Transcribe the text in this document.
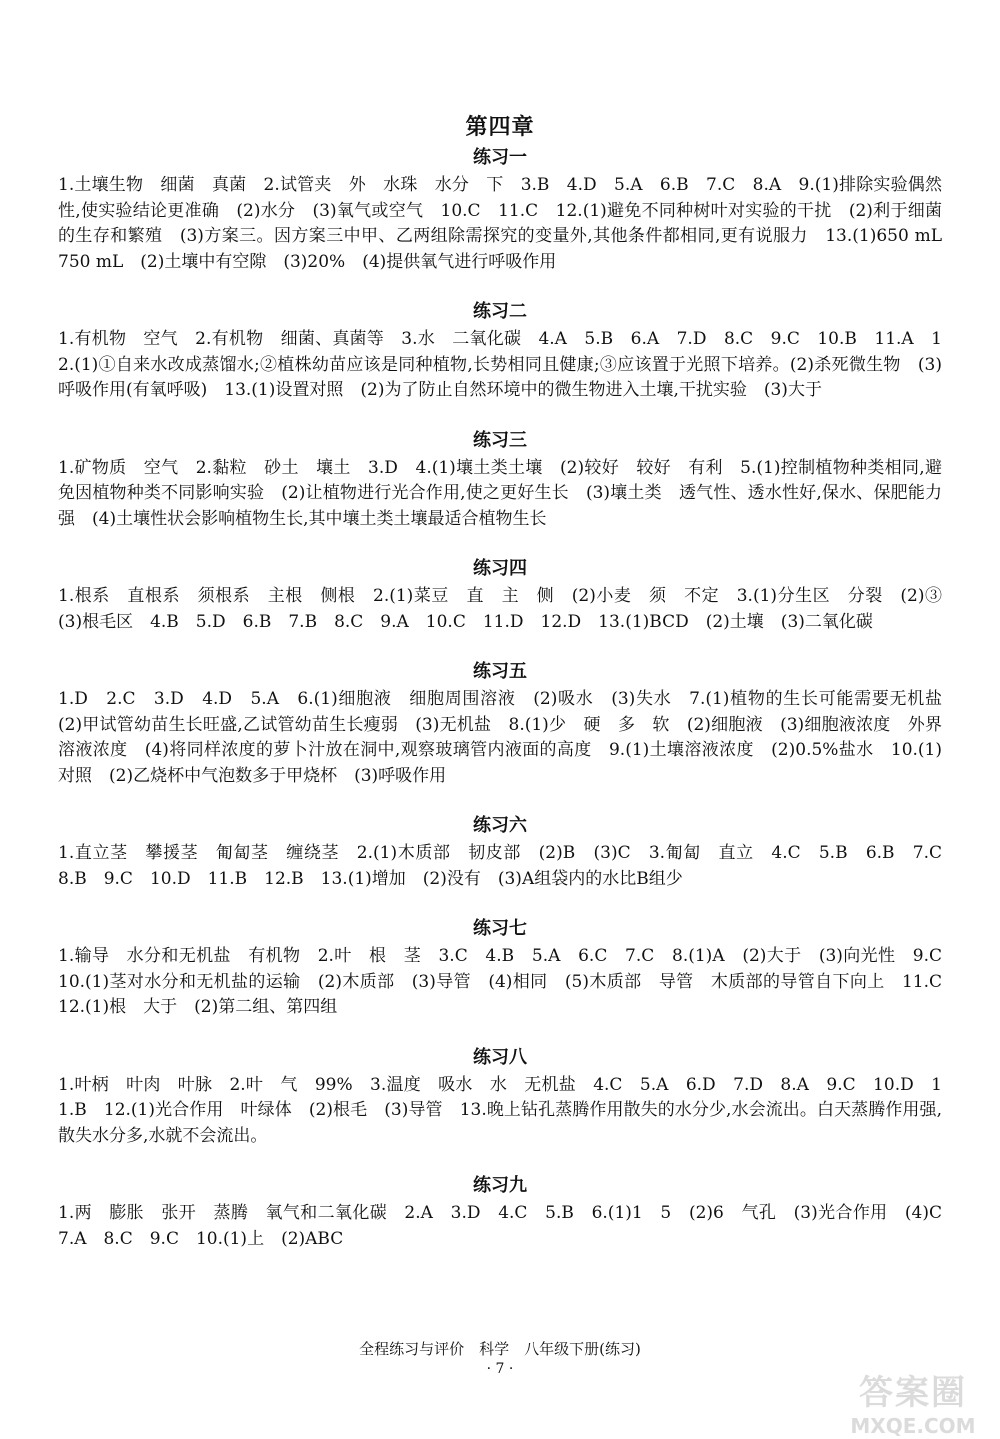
第四章
练习一

1.土壤生物　细菌　真菌　2.试管夹　外　水珠　水分　下　3.B　4.D　5.A　6.B　7.C　8.A　9.(1)排除实验偶然性,使实验结论更准确　(2)水分　(3)氧气或空气　10.C　11.C　12.(1)避免不同种树叶对实验的干扰　(2)利于细菌的生存和繁殖　(3)方案三。因方案三中甲、乙两组除需探究的变量外,其他条件都相同,更有说服力　13.(1)650 mL　750 mL　(2)土壤中有空隙　(3)20%　(4)提供氧气进行呼吸作用

练习二

1.有机物　空气　2.有机物　细菌、真菌等　3.水　二氧化碳　4.A　5.B　6.A　7.D　8.C　9.C　10.B　11.A　12.(1)①自来水改成蒸馏水;②植株幼苗应该是同种植物,长势相同且健康;③应该置于光照下培养。(2)杀死微生物　(3)呼吸作用(有氧呼吸)　13.(1)设置对照　(2)为了防止自然环境中的微生物进入土壤,干扰实验　(3)大于

练习三

1.矿物质　空气　2.黏粒　砂土　壤土　3.D　4.(1)壤土类土壤　(2)较好　较好　有利　5.(1)控制植物种类相同,避免因植物种类不同影响实验　(2)让植物进行光合作用,使之更好生长　(3)壤土类　透气性、透水性好,保水、保肥能力强　(4)土壤性状会影响植物生长,其中壤土类土壤最适合植物生长

练习四

1.根系　直根系　须根系　主根　侧根　2.(1)菜豆　直　主　侧　(2)小麦　须　不定　3.(1)分生区　分裂　(2)③　(3)根毛区　4.B　5.D　6.B　7.B　8.C　9.A　10.C　11.D　12.D　13.(1)BCD　(2)土壤　(3)二氧化碳

练习五

1.D　2.C　3.D　4.D　5.A　6.(1)细胞液　细胞周围溶液　(2)吸水　(3)失水　7.(1)植物的生长可能需要无机盐　(2)甲试管幼苗生长旺盛,乙试管幼苗生长瘦弱　(3)无机盐　8.(1)少　硬　多　软　(2)细胞液　(3)细胞液浓度　外界溶液浓度　(4)将同样浓度的萝卜汁放在洞中,观察玻璃管内液面的高度　9.(1)土壤溶液浓度　(2)0.5%盐水　10.(1)对照　(2)乙烧杯中气泡数多于甲烧杯　(3)呼吸作用

练习六

1.直立茎　攀援茎　匍匐茎　缠绕茎　2.(1)木质部　韧皮部　(2)B　(3)C　3.匍匐　直立　4.C　5.B　6.B　7.C　8.B　9.C　10.D　11.B　12.B　13.(1)增加　(2)没有　(3)A组袋内的水比B组少

练习七

1.输导　水分和无机盐　有机物　2.叶　根　茎　3.C　4.B　5.A　6.C　7.C　8.(1)A　(2)大于　(3)向光性　9.C　10.(1)茎对水分和无机盐的运输　(2)木质部　(3)导管　(4)相同　(5)木质部　导管　木质部的导管自下向上　11.C　12.(1)根　大于　(2)第二组、第四组

练习八

1.叶柄　叶肉　叶脉　2.叶　气　99%　3.温度　吸水　水　无机盐　4.C　5.A　6.D　7.D　8.A　9.C　10.D　11.B　12.(1)光合作用　叶绿体　(2)根毛　(3)导管　13.晚上钻孔蒸腾作用散失的水分少,水会流出。白天蒸腾作用强,散失水分多,水就不会流出。

练习九

1.两　膨胀　张开　蒸腾　氧气和二氧化碳　2.A　3.D　4.C　5.B　6.(1)1　5　(2)6　气孔　(3)光合作用　(4)C　7.A　8.C　9.C　10.(1)上　(2)ABC

全程练习与评价　科学　八年级下册(练习)
· 7 ·
答案圈
MXQE.COM
